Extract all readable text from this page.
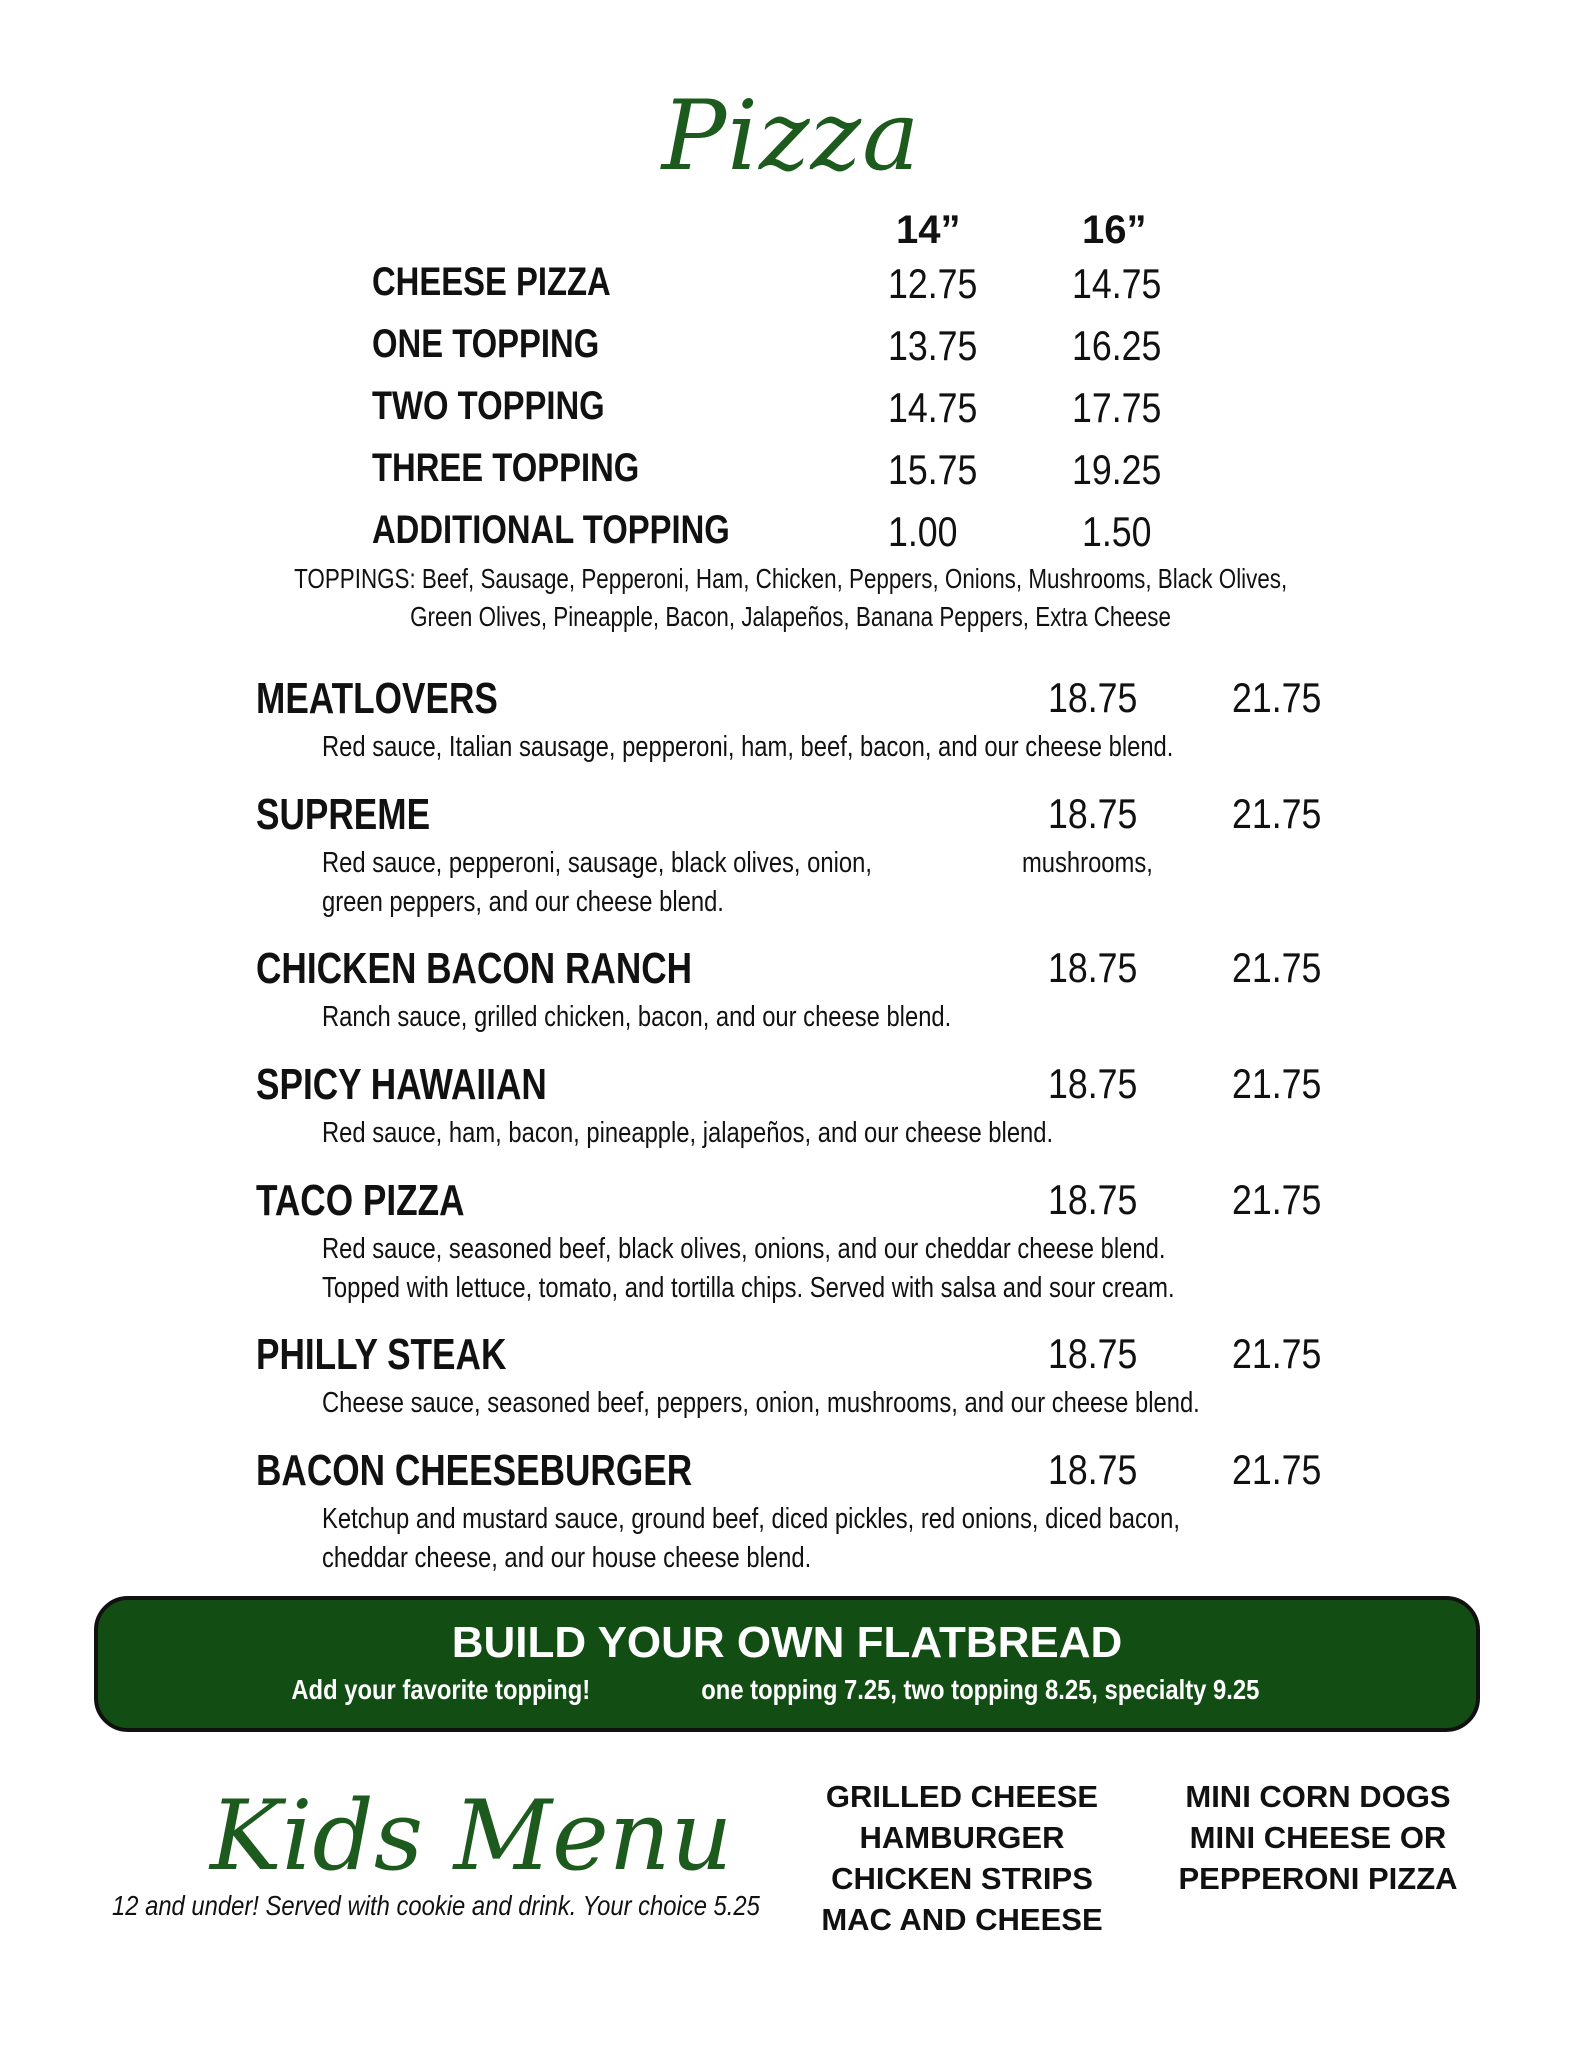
Pizza
14”	16”
CHEESE PIZZA	12.75 14.75
ONE TOPPING	13.75 16.25
TWO TOPPING	14.75 17.75
THREE TOPPING	15.75 19.25
ADDITIONAL TOPPING	1.00	1.50
TOPPINGS: Beef, Sausage, Pepperoni, Ham, Chicken, Peppers, Onions, Mushrooms, Black Olives,
Green Olives, Pineapple, Bacon, Jalapeños, Banana Peppers, Extra Cheese
MEATLOVERS	18.75 21.75
Red sauce, Italian sausage, pepperoni, ham, beef, bacon, and our cheese blend.
SUPREME	18.75 21.75
Red sauce, pepperoni, sausage, black olives, onion,
green peppers, and our cheese blend.
mushrooms,
CHICKEN BACON RANCH	18.75 21.75
Ranch sauce, grilled chicken, bacon, and our cheese blend.
SPICY HAWAIIAN	18.75 21.75
Red sauce, ham, bacon, pineapple, jalapeños, and our cheese blend.
TACO PIZZA	18.75 21.75
Red sauce, seasoned beef, black olives, onions, and our cheddar cheese blend.
Topped with lettuce, tomato, and tortilla chips. Served with salsa and sour cream.
PHILLY STEAK	18.75 21.75
Cheese sauce, seasoned beef, peppers, onion, mushrooms, and our cheese blend.
BACON CHEESEBURGER	18.75 21.75
Ketchup and mustard sauce, ground beef, diced pickles, red onions, diced bacon,
cheddar cheese, and our house cheese blend.
BUILD YOUR OWN FLATBREAD
Add your favorite topping!	one topping 7.25, two topping 8.25, specialty 9.25
Kids Menu
12 and under! Served with cookie and drink. Your choice 5.25
GRILLED CHEESE
HAMBURGER
CHICKEN STRIPS
MAC AND CHEESE
MINI CORN DOGS
MINI CHEESE OR
PEPPERONI PIZZA
